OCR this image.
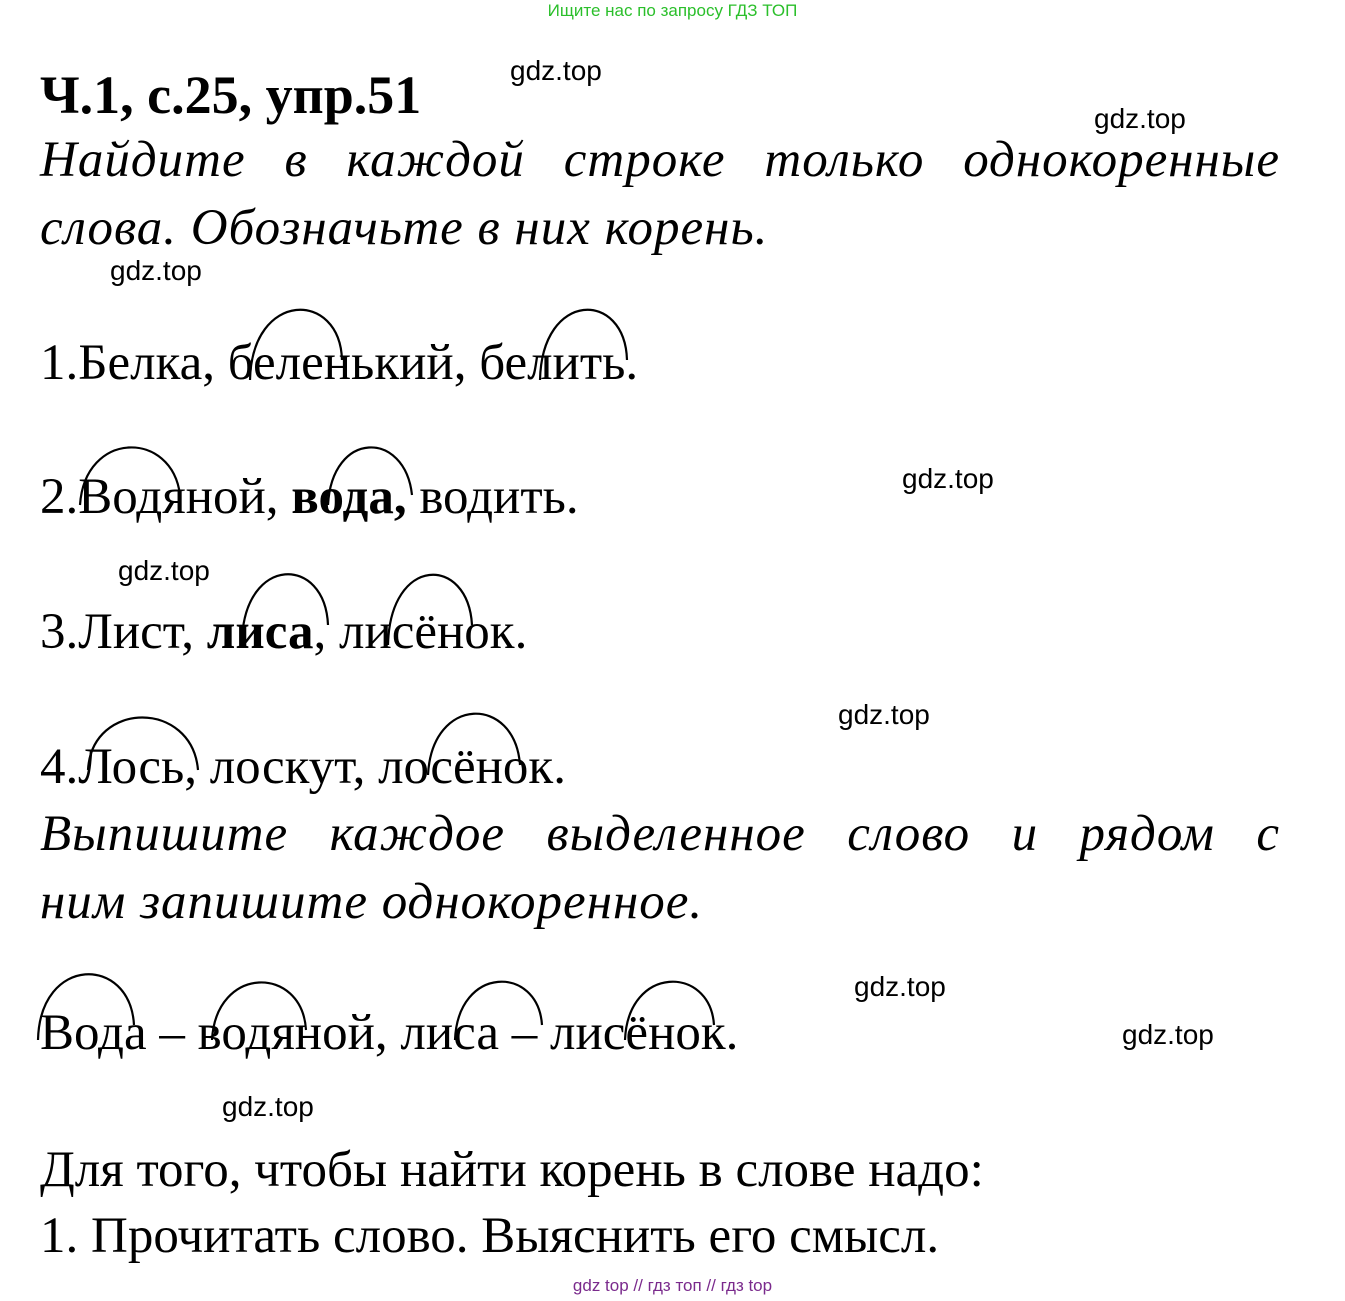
Ищите нас по запросу ГДЗ ТОП
Ч.1, с.25, упр.51
Найдите в каждой строке только однокоренные
слова. Обозначьте в них корень.
1.Белка, беленький, белить.
2.Водяной, вода, водить.
3.Лист, лиса, лисёнок.
4.Лось, лоскут, лосёнок.
Выпишите каждое выделенное слово и рядом с
ним запишите однокоренное.
Вода – водяной, лиса – лисёнок.
Для того, чтобы найти корень в слове надо:
1. Прочитать слово. Выяснить его смысл.
gdz.top
gdz.top
gdz.top
gdz.top
gdz.top
gdz.top
gdz.top
gdz.top
gdz.top
gdz top // гдз топ // гдз top
